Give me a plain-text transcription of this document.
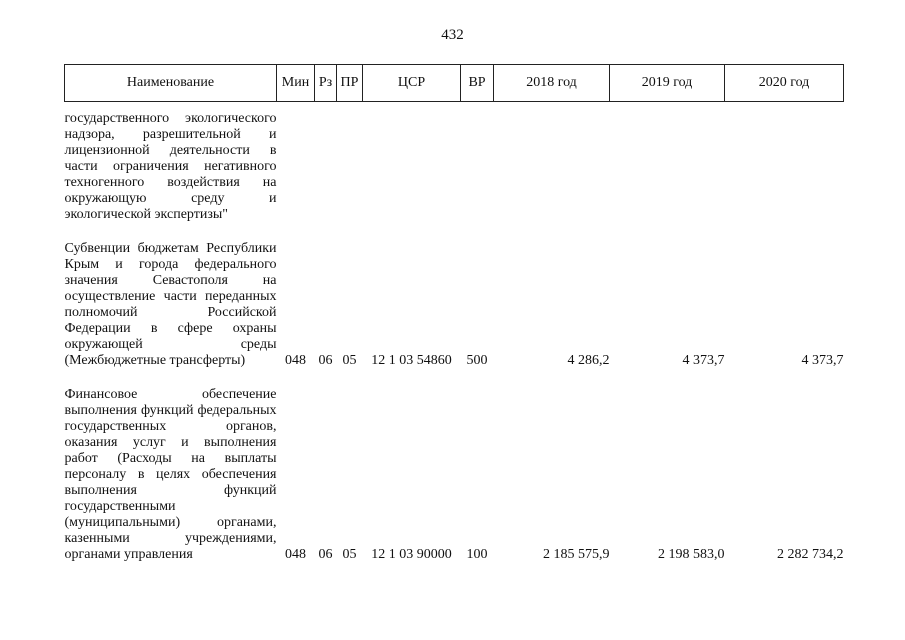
432
Наименование	Мин	Рз	ПР	ЦСР	ВР	2018 год	2019 год	2020 год

государственного экологического надзора, разрешительной и лицензионной деятельности в части ограничения негативного техногенного воздействия на окружающую среду и экологической экспертизы"								

Субвенции бюджетам Республики Крым и города федерального значения Севастополя на осуществление части переданных полномочий Российской Федерации в сфере охраны окружающей среды (Межбюджетные трансферты)	048	06	05	12 1 03 54860	500	4 286,2	4 373,7	4 373,7

Финансовое обеспечение выполнения функций федеральных государственных органов, оказания услуг и выполнения работ (Расходы на выплаты персоналу в целях обеспечения выполнения функций государственными (муниципальными) органами, казенными учреждениями, органами управления	048	06	05	12 1 03 90000	100	2 185 575,9	2 198 583,0	2 282 734,2
